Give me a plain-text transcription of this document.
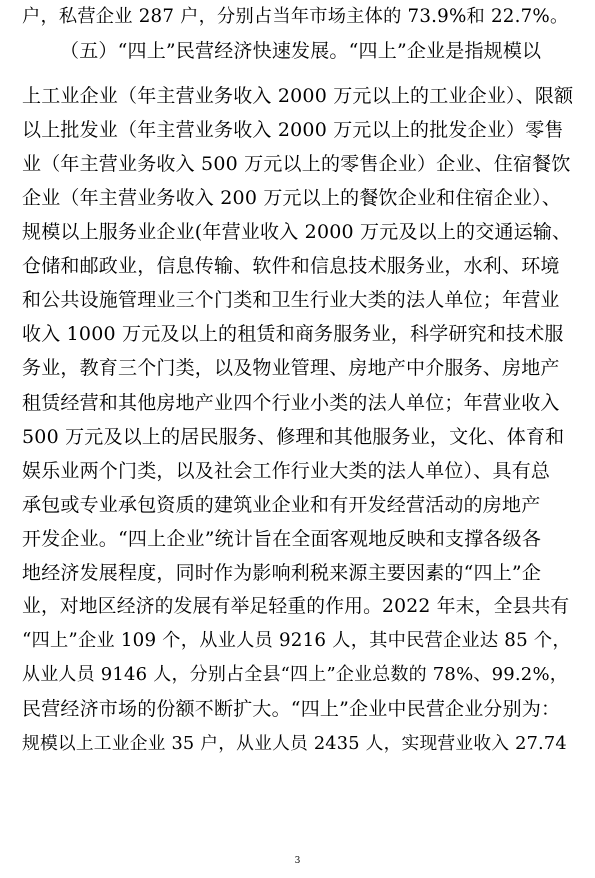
户，私营企业 287 户，分别占当年市场主体的 73.9%和 22.7%。
（五）“四上”民营经济快速发展。“四上”企业是指规模以
上工业企业（年主营业务收入 2000 万元以上的工业企业）、限额
以上批发业（年主营业务收入 2000 万元以上的批发企业）零售
业（年主营业务收入 500 万元以上的零售企业）企业、住宿餐饮
企业（年主营业务收入 200 万元以上的餐饮企业和住宿企业）、
规模以上服务业企业(年营业收入 2000 万元及以上的交通运输、
仓储和邮政业，信息传输、软件和信息技术服务业，水利、环境
和公共设施管理业三个门类和卫生行业大类的法人单位；年营业
收入 1000 万元及以上的租赁和商务服务业，科学研究和技术服
务业，教育三个门类，以及物业管理、房地产中介服务、房地产
租赁经营和其他房地产业四个行业小类的法人单位；年营业收入
500 万元及以上的居民服务、修理和其他服务业，文化、体育和
娱乐业两个门类，以及社会工作行业大类的法人单位）、具有总
承包或专业承包资质的建筑业企业和有开发经营活动的房地产
开发企业。“四上企业”统计旨在全面客观地反映和支撑各级各
地经济发展程度，同时作为影响利税来源主要因素的“四上”企
业，对地区经济的发展有举足轻重的作用。2022 年末，全县共有
“四上”企业 109 个，从业人员 9216 人，其中民营企业达 85 个，
从业人员 9146 人，分别占全县“四上”企业总数的 78%、99.2%，
民营经济市场的份额不断扩大。“四上”企业中民营企业分别为：
规模以上工业企业 35 户，从业人员 2435 人，实现营业收入 27.74
3
